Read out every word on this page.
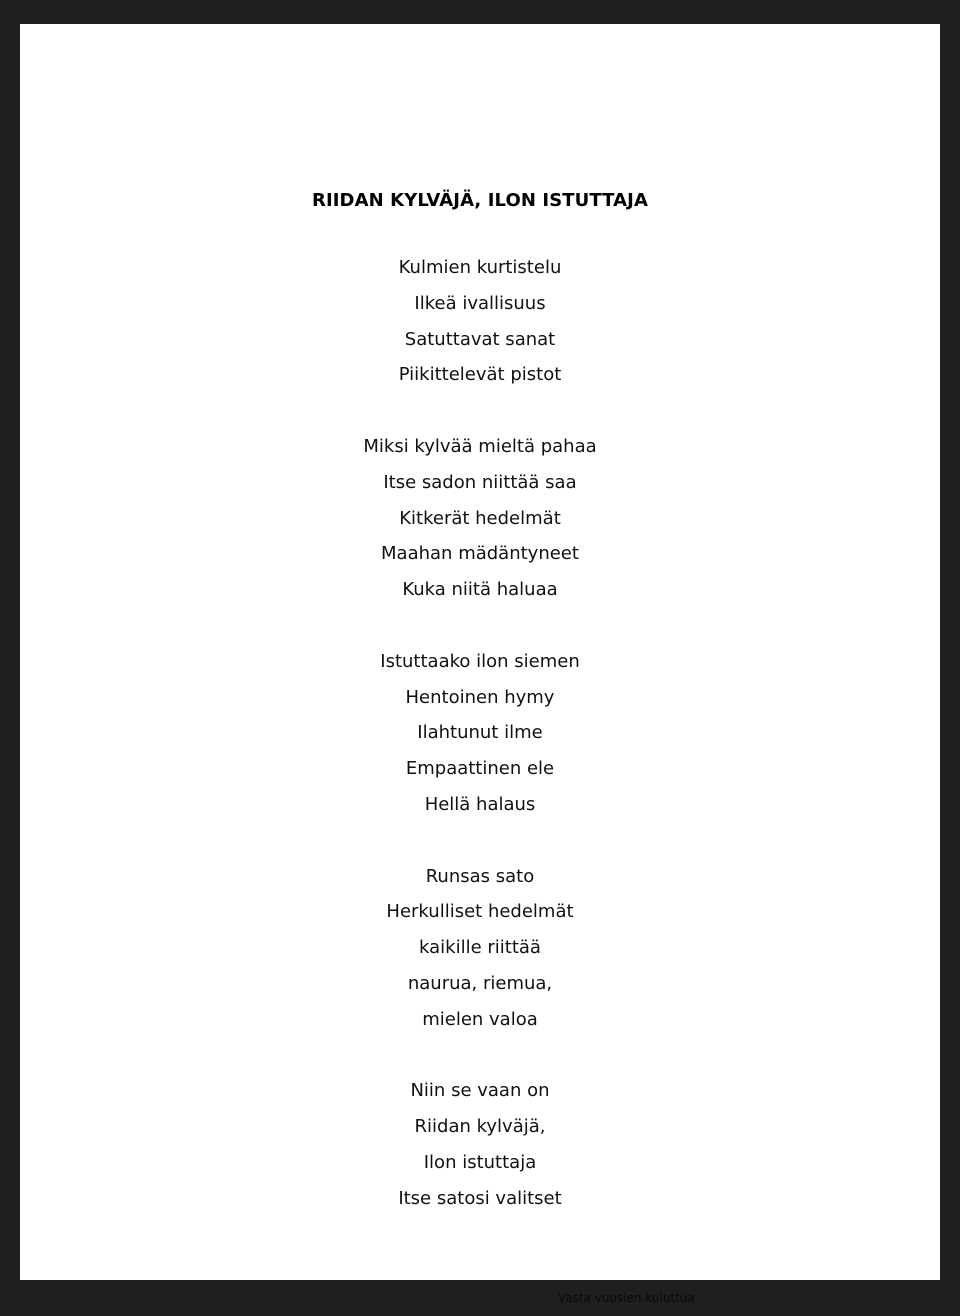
RIIDAN KYLVÄJÄ, ILON ISTUTTAJA
Kulmien kurtistelu
Ilkeä ivallisuus
Satuttavat sanat
Piikittelevät pistot
Miksi kylvää mieltä pahaa
Itse sadon niittää saa
Kitkerät hedelmät
Maahan mädäntyneet
Kuka niitä haluaa
Istuttaako ilon siemen
Hentoinen hymy
Ilahtunut ilme
Empaattinen ele
Hellä halaus
Runsas sato
Herkulliset hedelmät
kaikille riittää
naurua, riemua,
mielen valoa
Niin se vaan on
Riidan kylväjä,
Ilon istuttaja
Itse satosi valitset
Vasta vuosien kuluttua
